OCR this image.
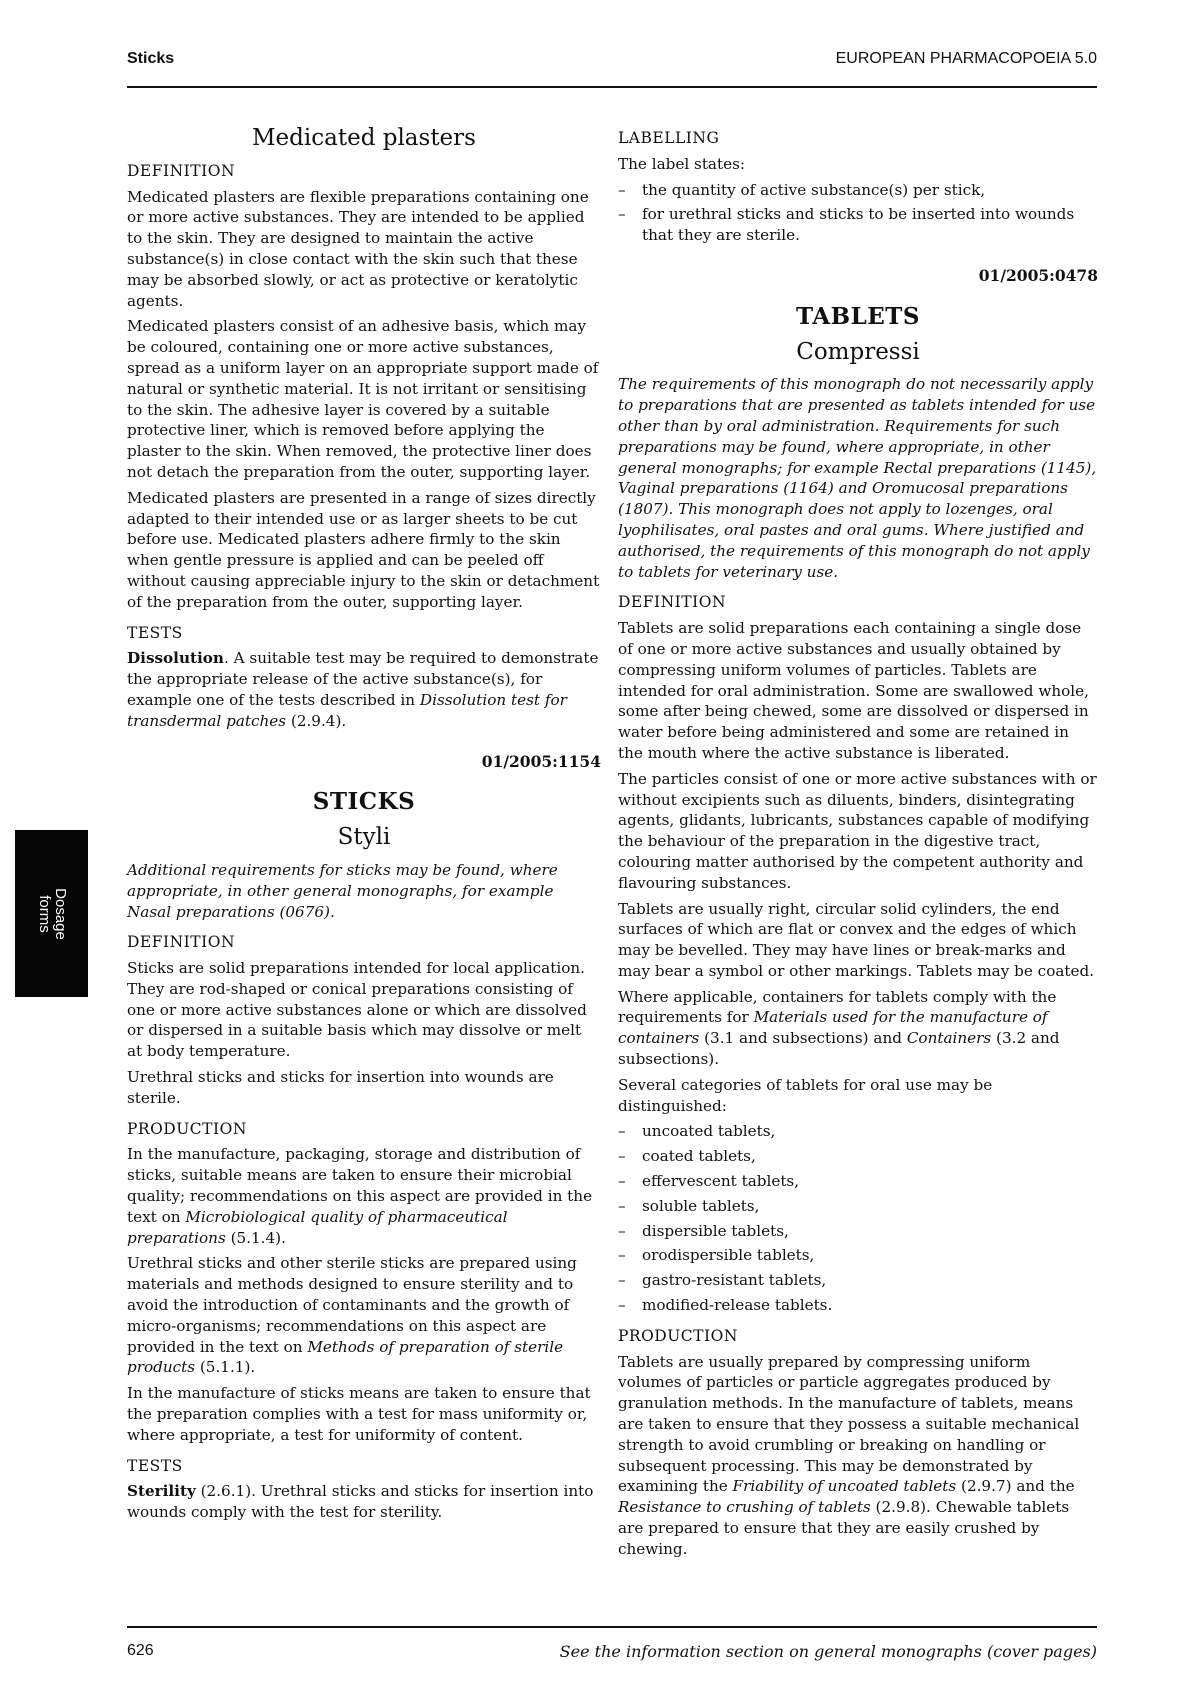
Sticks	EUROPEAN PHARMACOPOEIA 5.0
Medicated plasters
DEFINITION

Medicated plasters are flexible preparations containing one or more active substances. They are intended to be applied to the skin. They are designed to maintain the active substance(s) in close contact with the skin such that these may be absorbed slowly, or act as protective or keratolytic agents.

Medicated plasters consist of an adhesive basis, which may be coloured, containing one or more active substances, spread as a uniform layer on an appropriate support made of natural or synthetic material. It is not irritant or sensitising to the skin. The adhesive layer is covered by a suitable protective liner, which is removed before applying the plaster to the skin. When removed, the protective liner does not detach the preparation from the outer, supporting layer.

Medicated plasters are presented in a range of sizes directly adapted to their intended use or as larger sheets to be cut before use. Medicated plasters adhere firmly to the skin when gentle pressure is applied and can be peeled off without causing appreciable injury to the skin or detachment of the preparation from the outer, supporting layer.

TESTS

Dissolution. A suitable test may be required to demonstrate the appropriate release of the active substance(s), for example one of the tests described in Dissolution test for transdermal patches (2.9.4).

01/2005:1154
STICKS
Styli

Additional requirements for sticks may be found, where appropriate, in other general monographs, for example Nasal preparations (0676).

DEFINITION

Sticks are solid preparations intended for local application. They are rod-shaped or conical preparations consisting of one or more active substances alone or which are dissolved or dispersed in a suitable basis which may dissolve or melt at body temperature.

Urethral sticks and sticks for insertion into wounds are sterile.

PRODUCTION

In the manufacture, packaging, storage and distribution of sticks, suitable means are taken to ensure their microbial quality; recommendations on this aspect are provided in the text on Microbiological quality of pharmaceutical preparations (5.1.4).

Urethral sticks and other sterile sticks are prepared using materials and methods designed to ensure sterility and to avoid the introduction of contaminants and the growth of micro-organisms; recommendations on this aspect are provided in the text on Methods of preparation of sterile products (5.1.1).

In the manufacture of sticks means are taken to ensure that the preparation complies with a test for mass uniformity or, where appropriate, a test for uniformity of content.

TESTS

Sterility (2.6.1). Urethral sticks and sticks for insertion into wounds comply with the test for sterility.

LABELLING

The label states:

– the quantity of active substance(s) per stick,
– for urethral sticks and sticks to be inserted into wounds that they are sterile.
01/2005:0478
TABLETS
Compressi

The requirements of this monograph do not necessarily apply to preparations that are presented as tablets intended for use other than by oral administration. Requirements for such preparations may be found, where appropriate, in other general monographs; for example Rectal preparations (1145), Vaginal preparations (1164) and Oromucosal preparations (1807). This monograph does not apply to lozenges, oral lyophilisates, oral pastes and oral gums. Where justified and authorised, the requirements of this monograph do not apply to tablets for veterinary use.

DEFINITION

Tablets are solid preparations each containing a single dose of one or more active substances and usually obtained by compressing uniform volumes of particles. Tablets are intended for oral administration. Some are swallowed whole, some after being chewed, some are dissolved or dispersed in water before being administered and some are retained in the mouth where the active substance is liberated.

The particles consist of one or more active substances with or without excipients such as diluents, binders, disintegrating agents, glidants, lubricants, substances capable of modifying the behaviour of the preparation in the digestive tract, colouring matter authorised by the competent authority and flavouring substances.

Tablets are usually right, circular solid cylinders, the end surfaces of which are flat or convex and the edges of which may be bevelled. They may have lines or break-marks and may bear a symbol or other markings. Tablets may be coated.

Where applicable, containers for tablets comply with the requirements for Materials used for the manufacture of containers (3.1 and subsections) and Containers (3.2 and subsections).

Several categories of tablets for oral use may be distinguished:

– uncoated tablets,
– coated tablets,
– effervescent tablets,
– soluble tablets,
– dispersible tablets,
– orodispersible tablets,
– gastro-resistant tablets,
– modified-release tablets.
PRODUCTION

Tablets are usually prepared by compressing uniform volumes of particles or particle aggregates produced by granulation methods. In the manufacture of tablets, means are taken to ensure that they possess a suitable mechanical strength to avoid crumbling or breaking on handling or subsequent processing. This may be demonstrated by examining the Friability of uncoated tablets (2.9.7) and the Resistance to crushing of tablets (2.9.8). Chewable tablets are prepared to ensure that they are easily crushed by chewing.

Dosage
forms
626	See the information section on general monographs (cover pages)
